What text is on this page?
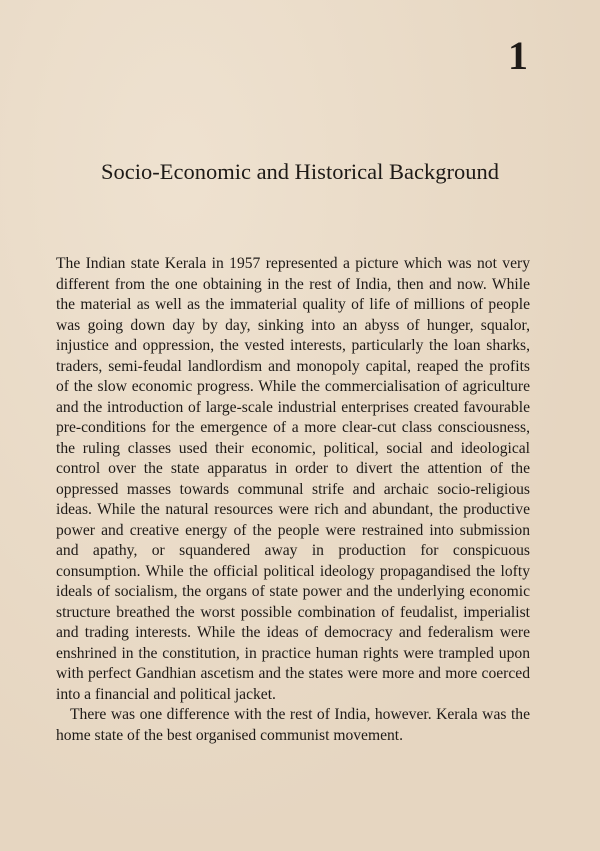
1
Socio-Economic and Historical Background

The Indian state Kerala in 1957 represented a picture which was not very different from the one obtaining in the rest of India, then and now. While the material as well as the immaterial quality of life of millions of people was going down day by day, sinking into an abyss of hunger, squalor, injustice and oppression, the vested interests, particularly the loan sharks, traders, semi-feudal landlordism and monopoly capital, reaped the profits of the slow economic progress. While the commercialisation of agriculture and the introduction of large-scale industrial enterprises created favourable pre-conditions for the emergence of a more clear-cut class consciousness, the ruling classes used their economic, political, social and ideological control over the state apparatus in order to divert the attention of the oppressed masses towards communal strife and archaic socio-religious ideas. While the natural resources were rich and abundant, the productive power and creative energy of the people were restrained into submission and apathy, or squandered away in production for conspicuous consumption. While the official political ideology propagandised the lofty ideals of socialism, the organs of state power and the underlying economic structure breathed the worst possible combination of feudalist, imperialist and trading interests. While the ideas of democracy and federalism were enshrined in the constitution, in practice human rights were trampled upon with perfect Gandhian ascetism and the states were more and more coerced into a financial and political jacket.

There was one difference with the rest of India, however. Kerala was the home state of the best organised communist movement.
